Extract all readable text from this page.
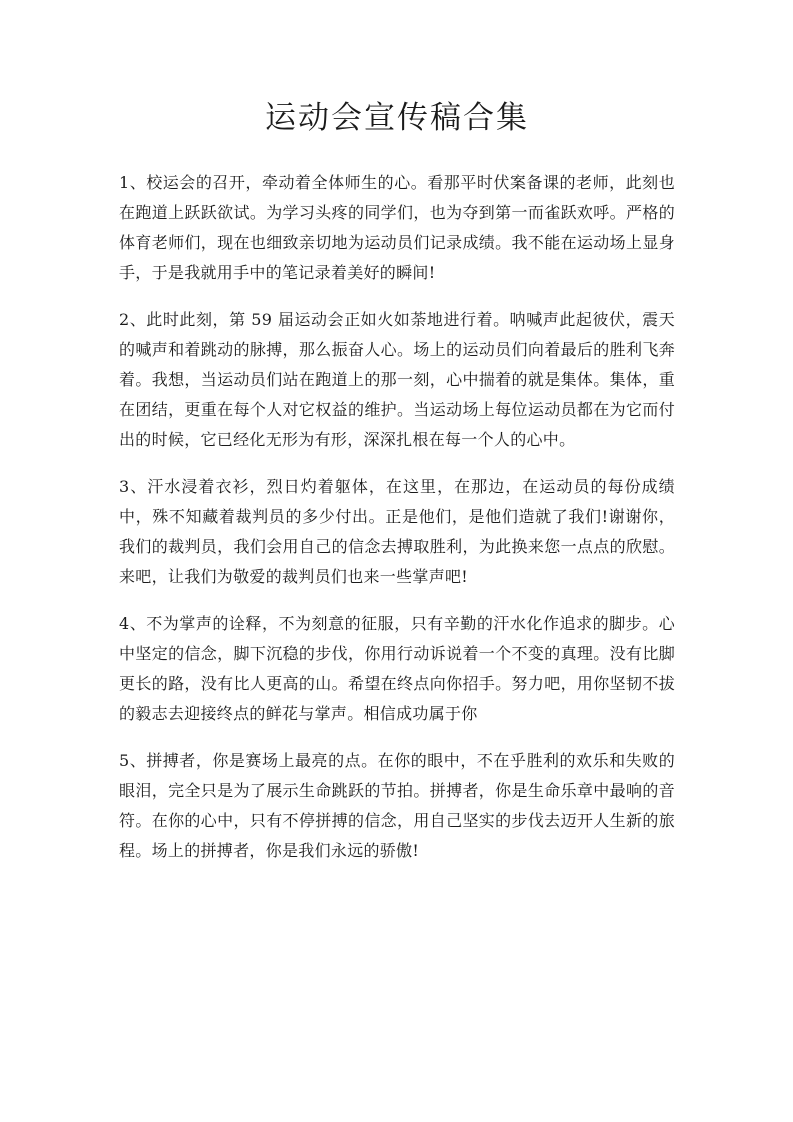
运动会宣传稿合集

1、校运会的召开，牵动着全体师生的心。看那平时伏案备课的老师，此刻也在跑道上跃跃欲试。为学习头疼的同学们，也为夺到第一而雀跃欢呼。严格的体育老师们，现在也细致亲切地为运动员们记录成绩。我不能在运动场上显身手，于是我就用手中的笔记录着美好的瞬间!

2、此时此刻，第 59 届运动会正如火如荼地进行着。呐喊声此起彼伏，震天的喊声和着跳动的脉搏，那么振奋人心。场上的运动员们向着最后的胜利飞奔着。我想，当运动员们站在跑道上的那一刻，心中揣着的就是集体。集体，重在团结，更重在每个人对它权益的维护。当运动场上每位运动员都在为它而付出的时候，它已经化无形为有形，深深扎根在每一个人的心中。

3、汗水浸着衣衫，烈日灼着躯体，在这里，在那边，在运动员的每份成绩中，殊不知藏着裁判员的多少付出。正是他们，是他们造就了我们!谢谢你，我们的裁判员，我们会用自己的信念去搏取胜利，为此换来您一点点的欣慰。来吧，让我们为敬爱的裁判员们也来一些掌声吧!

4、不为掌声的诠释，不为刻意的征服，只有辛勤的汗水化作追求的脚步。心中坚定的信念，脚下沉稳的步伐，你用行动诉说着一个不变的真理。没有比脚更长的路，没有比人更高的山。希望在终点向你招手。努力吧，用你坚韧不拔的毅志去迎接终点的鲜花与掌声。相信成功属于你

5、拼搏者，你是赛场上最亮的点。在你的眼中，不在乎胜利的欢乐和失败的眼泪，完全只是为了展示生命跳跃的节拍。拼搏者，你是生命乐章中最响的音符。在你的心中，只有不停拼搏的信念，用自己坚实的步伐去迈开人生新的旅程。场上的拼搏者，你是我们永远的骄傲!
